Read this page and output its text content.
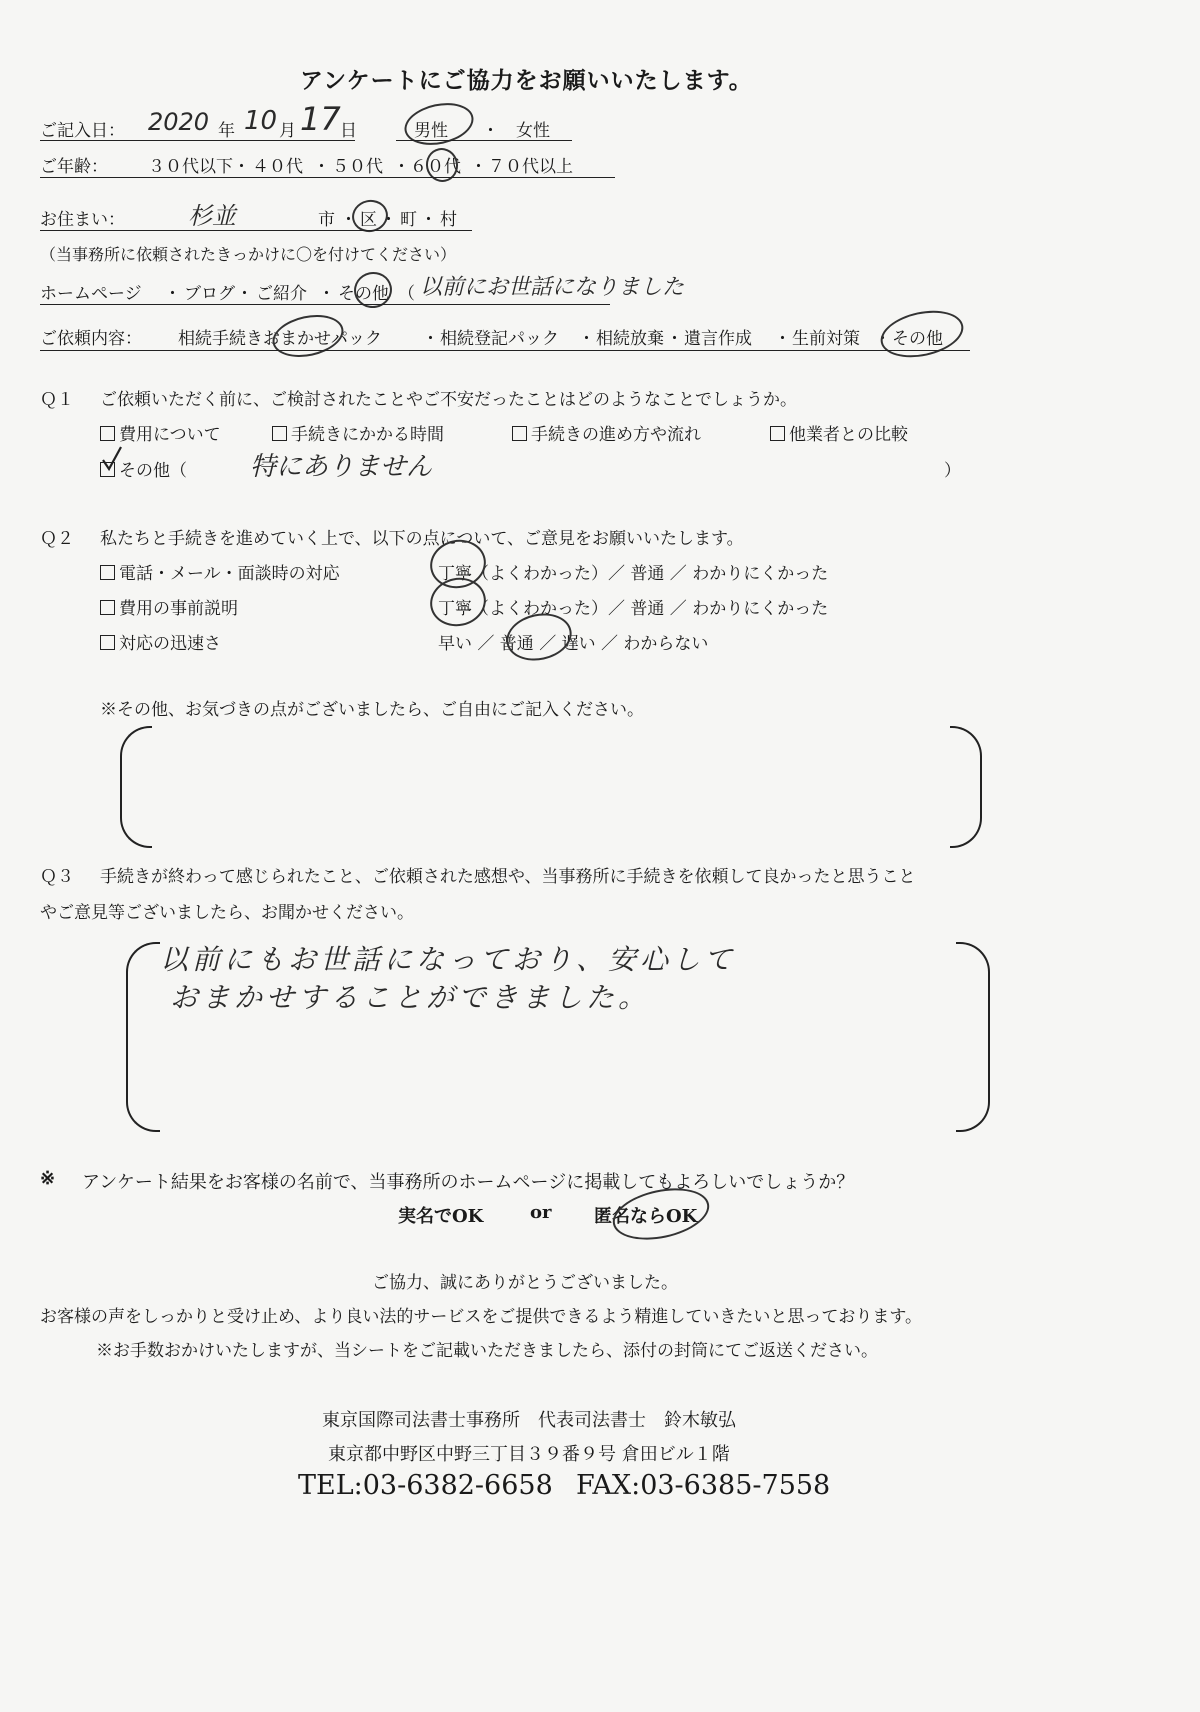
アンケートにご協力をお願いいたします。
ご記入日： 2020 年 10 月 17 日	男性 ・ 女性
ご年齢： ３０代以下 ・ ４０代 ・ ５０代 ・ ６０代 ・ ７０代以上
お住まい：	杉並	市 ・ 区 ・ 町 ・ 村
（当事務所に依頼されたきっかけに〇を付けてください）
ホームページ ・ ブログ ・ ご紹介 ・ その他 （ 以前にお世話になりました
ご依頼内容： 相続手続きおまかせパック ・ 相続登記パック ・ 相続放棄 ・ 遺言作成 ・ 生前対策 ・ その他
Ｑ１ ご依頼いただく前に、ご検討されたことやご不安だったことはどのようなことでしょうか。
費用について	手続きにかかる時間	手続きの進め方や流れ	他業者との比較
その他（ 特にありません	）
Ｑ２ 私たちと手続きを進めていく上で、以下の点について、ご意見をお願いいたします。
電話・メール・面談時の対応	丁寧（よくわかった）／ 普通 ／ わかりにくかった
費用の事前説明	丁寧（よくわかった）／ 普通 ／ わかりにくかった
対応の迅速さ	早い ／ 普通 ／ 遅い ／ わからない
※その他、お気づきの点がございましたら、ご自由にご記入ください。
Ｑ３ 手続きが終わって感じられたこと、ご依頼された感想や、当事務所に手続きを依頼して良かったと思うこと
やご意見等ございましたら、お聞かせください。
以前にもお世話になっており、安心して
おまかせすることができました。
※ アンケート結果をお客様の名前で、当事務所のホームページに掲載してもよろしいでしょうか？
実名でOK	or 匿名ならOK
ご協力、誠にありがとうございました。
お客様の声をしっかりと受け止め、より良い法的サービスをご提供できるよう精進していきたいと思っております。
※お手数おかけいたしますが、当シートをご記載いただきましたら、添付の封筒にてご返送ください。
東京国際司法書士事務所　代表司法書士　鈴木敏弘
東京都中野区中野三丁目３９番９号 倉田ビル１階
TEL:03-6382-6658 FAX:03-6385-7558
